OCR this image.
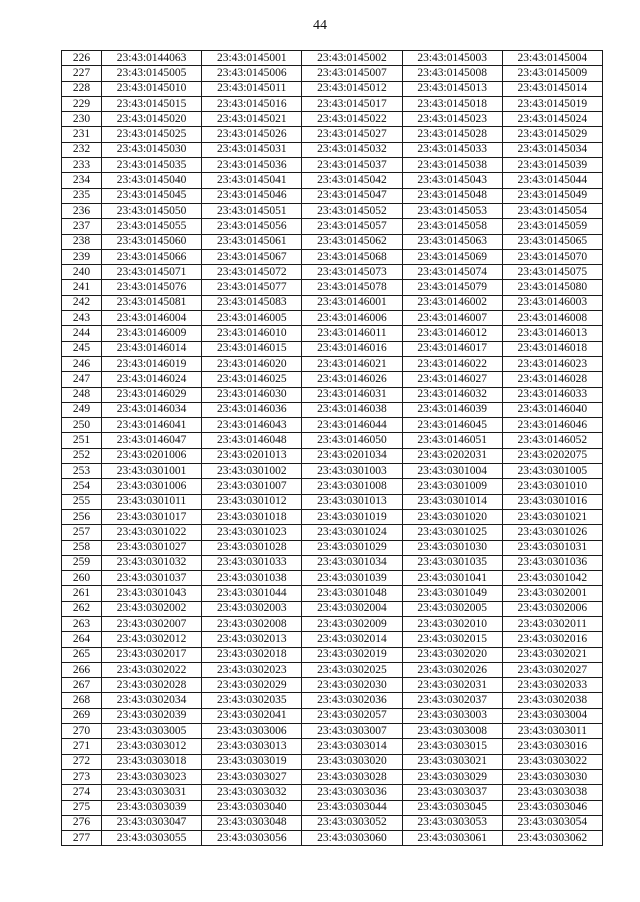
44
226	23:43:0144063	23:43:0145001	23:43:0145002	23:43:0145003	23:43:0145004
227	23:43:0145005	23:43:0145006	23:43:0145007	23:43:0145008	23:43:0145009
228	23:43:0145010	23:43:0145011	23:43:0145012	23:43:0145013	23:43:0145014
229	23:43:0145015	23:43:0145016	23:43:0145017	23:43:0145018	23:43:0145019
230	23:43:0145020	23:43:0145021	23:43:0145022	23:43:0145023	23:43:0145024
231	23:43:0145025	23:43:0145026	23:43:0145027	23:43:0145028	23:43:0145029
232	23:43:0145030	23:43:0145031	23:43:0145032	23:43:0145033	23:43:0145034
233	23:43:0145035	23:43:0145036	23:43:0145037	23:43:0145038	23:43:0145039
234	23:43:0145040	23:43:0145041	23:43:0145042	23:43:0145043	23:43:0145044
235	23:43:0145045	23:43:0145046	23:43:0145047	23:43:0145048	23:43:0145049
236	23:43:0145050	23:43:0145051	23:43:0145052	23:43:0145053	23:43:0145054
237	23:43:0145055	23:43:0145056	23:43:0145057	23:43:0145058	23:43:0145059
238	23:43:0145060	23:43:0145061	23:43:0145062	23:43:0145063	23:43:0145065
239	23:43:0145066	23:43:0145067	23:43:0145068	23:43:0145069	23:43:0145070
240	23:43:0145071	23:43:0145072	23:43:0145073	23:43:0145074	23:43:0145075
241	23:43:0145076	23:43:0145077	23:43:0145078	23:43:0145079	23:43:0145080
242	23:43:0145081	23:43:0145083	23:43:0146001	23:43:0146002	23:43:0146003
243	23:43:0146004	23:43:0146005	23:43:0146006	23:43:0146007	23:43:0146008
244	23:43:0146009	23:43:0146010	23:43:0146011	23:43:0146012	23:43:0146013
245	23:43:0146014	23:43:0146015	23:43:0146016	23:43:0146017	23:43:0146018
246	23:43:0146019	23:43:0146020	23:43:0146021	23:43:0146022	23:43:0146023
247	23:43:0146024	23:43:0146025	23:43:0146026	23:43:0146027	23:43:0146028
248	23:43:0146029	23:43:0146030	23:43:0146031	23:43:0146032	23:43:0146033
249	23:43:0146034	23:43:0146036	23:43:0146038	23:43:0146039	23:43:0146040
250	23:43:0146041	23:43:0146043	23:43:0146044	23:43:0146045	23:43:0146046
251	23:43:0146047	23:43:0146048	23:43:0146050	23:43:0146051	23:43:0146052
252	23:43:0201006	23:43:0201013	23:43:0201034	23:43:0202031	23:43:0202075
253	23:43:0301001	23:43:0301002	23:43:0301003	23:43:0301004	23:43:0301005
254	23:43:0301006	23:43:0301007	23:43:0301008	23:43:0301009	23:43:0301010
255	23:43:0301011	23:43:0301012	23:43:0301013	23:43:0301014	23:43:0301016
256	23:43:0301017	23:43:0301018	23:43:0301019	23:43:0301020	23:43:0301021
257	23:43:0301022	23:43:0301023	23:43:0301024	23:43:0301025	23:43:0301026
258	23:43:0301027	23:43:0301028	23:43:0301029	23:43:0301030	23:43:0301031
259	23:43:0301032	23:43:0301033	23:43:0301034	23:43:0301035	23:43:0301036
260	23:43:0301037	23:43:0301038	23:43:0301039	23:43:0301041	23:43:0301042
261	23:43:0301043	23:43:0301044	23:43:0301048	23:43:0301049	23:43:0302001
262	23:43:0302002	23:43:0302003	23:43:0302004	23:43:0302005	23:43:0302006
263	23:43:0302007	23:43:0302008	23:43:0302009	23:43:0302010	23:43:0302011
264	23:43:0302012	23:43:0302013	23:43:0302014	23:43:0302015	23:43:0302016
265	23:43:0302017	23:43:0302018	23:43:0302019	23:43:0302020	23:43:0302021
266	23:43:0302022	23:43:0302023	23:43:0302025	23:43:0302026	23:43:0302027
267	23:43:0302028	23:43:0302029	23:43:0302030	23:43:0302031	23:43:0302033
268	23:43:0302034	23:43:0302035	23:43:0302036	23:43:0302037	23:43:0302038
269	23:43:0302039	23:43:0302041	23:43:0302057	23:43:0303003	23:43:0303004
270	23:43:0303005	23:43:0303006	23:43:0303007	23:43:0303008	23:43:0303011
271	23:43:0303012	23:43:0303013	23:43:0303014	23:43:0303015	23:43:0303016
272	23:43:0303018	23:43:0303019	23:43:0303020	23:43:0303021	23:43:0303022
273	23:43:0303023	23:43:0303027	23:43:0303028	23:43:0303029	23:43:0303030
274	23:43:0303031	23:43:0303032	23:43:0303036	23:43:0303037	23:43:0303038
275	23:43:0303039	23:43:0303040	23:43:0303044	23:43:0303045	23:43:0303046
276	23:43:0303047	23:43:0303048	23:43:0303052	23:43:0303053	23:43:0303054
277	23:43:0303055	23:43:0303056	23:43:0303060	23:43:0303061	23:43:0303062
